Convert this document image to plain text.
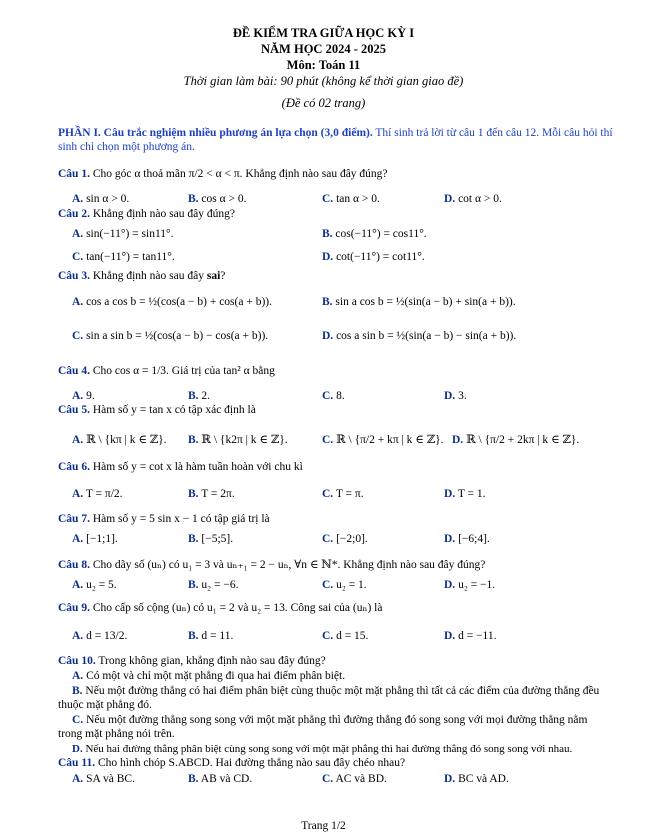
ĐỀ KIỂM TRA GIỮA HỌC KỲ I
NĂM HỌC 2024 - 2025
Môn: Toán 11
Thời gian làm bài: 90 phút (không kể thời gian giao đề)
(Đề có 02 trang)
PHẦN I. Câu trắc nghiệm nhiều phương án lựa chọn (3,0 điểm). Thí sinh trả lời từ câu 1 đến câu 12. Mỗi câu hỏi thí sinh chỉ chọn một phương án.
Câu 1. Cho góc α thoả mãn π/2 < α < π. Khẳng định nào sau đây đúng?
A. sin α > 0.	B. cos α > 0.	C. tan α > 0.	D. cot α > 0.
Câu 2. Khẳng định nào sau đây đúng?
A. sin(−11°) = sin11°.	B. cos(−11°) = cos11°.
C. tan(−11°) = tan11°.	D. cot(−11°) = cot11°.
Câu 3. Khẳng định nào sau đây sai?
A. cos a cos b = ½(cos(a − b) + cos(a + b)).	B. sin a cos b = ½(sin(a − b) + sin(a + b)).
C. sin a sin b = ½(cos(a − b) − cos(a + b)).	D. cos a sin b = ½(sin(a − b) − sin(a + b)).
Câu 4. Cho cos α = 1/3. Giá trị của tan² α bằng
A. 9.	B. 2.	C. 8.	D. 3.
Câu 5. Hàm số y = tan x có tập xác định là
A. ℝ \ {kπ | k ∈ ℤ}. B. ℝ \ {k2π | k ∈ ℤ}.	C. ℝ \ {π/2 + kπ | k ∈ ℤ}. D. ℝ \ {π/2 + 2kπ | k ∈ ℤ}.
Câu 6. Hàm số y = cot x là hàm tuần hoàn với chu kì
A. T = π/2.	B. T = 2π.	C. T = π.	D. T = 1.
Câu 7. Hàm số y = 5 sin x − 1 có tập giá trị là
A. [−1;1].	B. [−5;5].	C. [−2;0].	D. [−6;4].
Câu 8. Cho dãy số (uₙ) có u₁ = 3 và uₙ₊₁ = 2 − uₙ, ∀n ∈ ℕ*. Khẳng định nào sau đây đúng?
A. u₂ = 5.	B. u₂ = −6.	C. u₂ = 1.	D. u₂ = −1.
Câu 9. Cho cấp số cộng (uₙ) có u₁ = 2 và u₂ = 13. Công sai của (uₙ) là
A. d = 13/2.	B. d = 11.	C. d = 15.	D. d = −11.
Câu 10. Trong không gian, khẳng định nào sau đây đúng?
A. Có một và chỉ một mặt phẳng đi qua hai điểm phân biệt.
B. Nếu một đường thẳng có hai điểm phân biệt cùng thuộc một mặt phẳng thì tất cả các điểm của đường thẳng đều thuộc mặt phẳng đó.
C. Nếu một đường thẳng song song với một mặt phẳng thì đường thẳng đó song song với mọi đường thẳng nằm trong mặt phẳng nói trên.
D. Nếu hai đường thẳng phân biệt cùng song song với một mặt phẳng thì hai đường thẳng đó song song với nhau.
Câu 11. Cho hình chóp S.ABCD. Hai đường thẳng nào sau đây chéo nhau?
A. SA và BC.	B. AB và CD.	C. AC và BD.	D. BC và AD.
Trang 1/2
